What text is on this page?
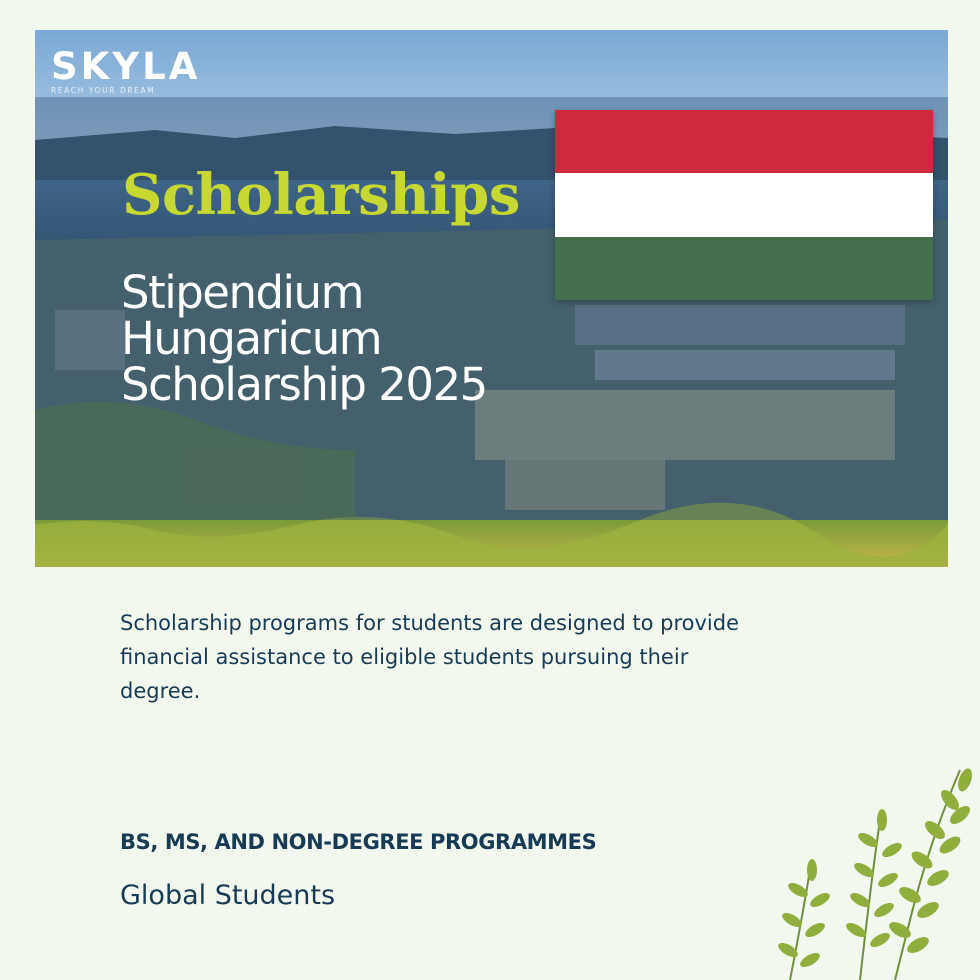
SKYLA
REACH YOUR DREAM
Scholarships
Stipendium Hungaricum Scholarship 2025
Scholarship programs for students are designed to provide financial assistance to eligible students pursuing their degree.
BS, MS, AND NON-DEGREE PROGRAMMES
Global Students
